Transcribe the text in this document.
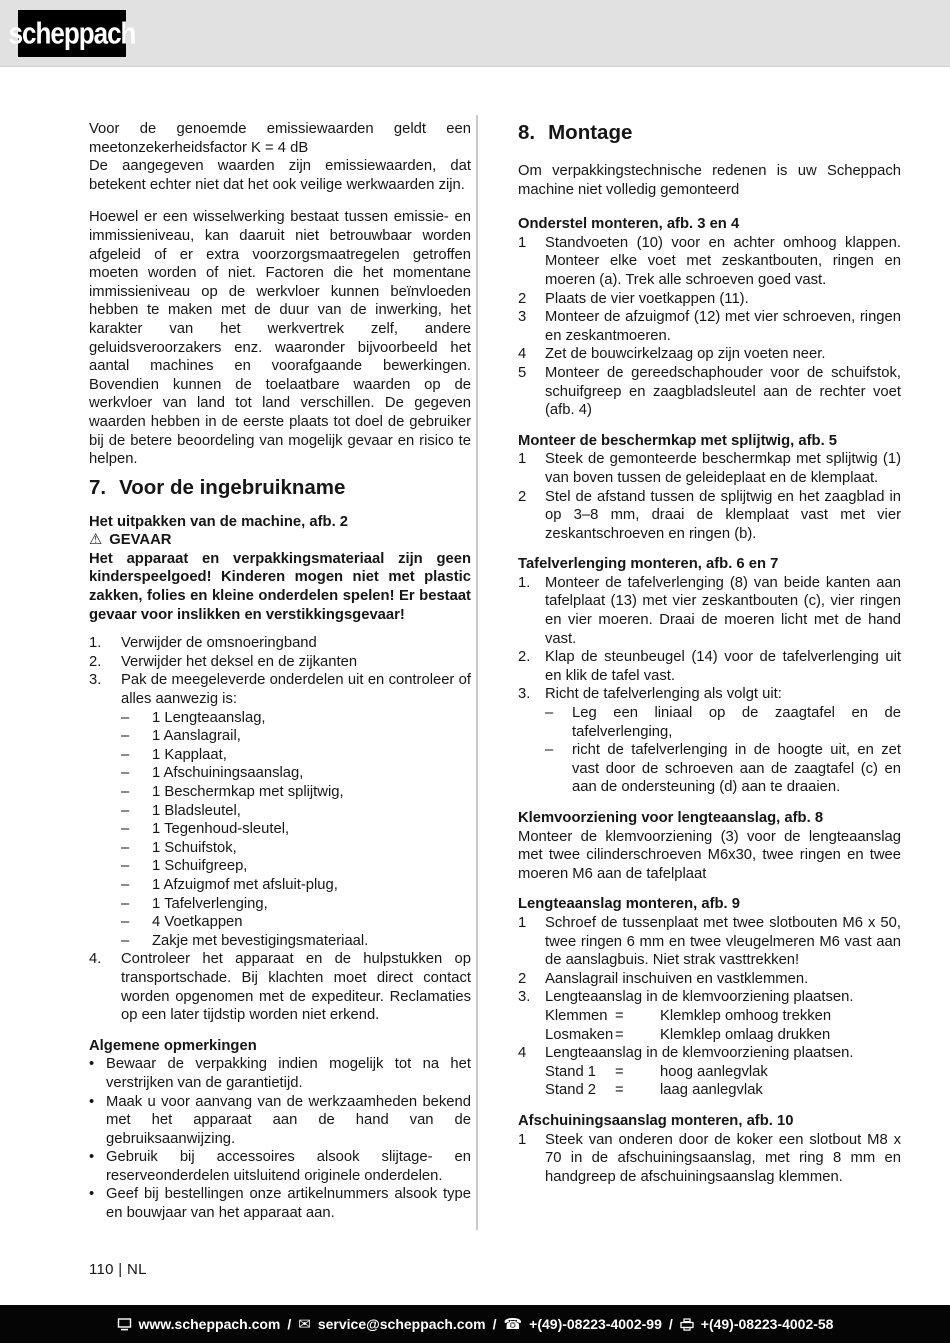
scheppach
Voor de genoemde emissiewaarden geldt een meetonzekerheidsfactor K = 4 dB
De aangegeven waarden zijn emissiewaarden, dat betekent echter niet dat het ook veilige werkwaarden zijn.
Hoewel er een wisselwerking bestaat tussen emissie- en immissieniveau, kan daaruit niet betrouwbaar worden afgeleid of er extra voorzorgsmaatregelen getroffen moeten worden of niet. Factoren die het momentane immissieniveau op de werkvloer kunnen beïnvloeden hebben te maken met de duur van de inwerking, het karakter van het werkvertrek zelf, andere geluidsveroorzakers enz. waaronder bijvoorbeeld het aantal machines en voorafgaande bewerkingen. Bovendien kunnen de toelaatbare waarden op de werkvloer van land tot land verschillen. De gegeven waarden hebben in de eerste plaats tot doel de gebruiker bij de betere beoordeling van mogelijk gevaar en risico te helpen.
7. Voor de ingebruikname
Het uitpakken van de machine, afb. 2
⚠ GEVAAR
Het apparaat en verpakkingsmateriaal zijn geen kinderspeelgoed! Kinderen mogen niet met plastic zakken, folies en kleine onderdelen spelen! Er bestaat gevaar voor inslikken en verstikkingsgevaar!
1.	Verwijder de omsnoeringband
2.	Verwijder het deksel en de zijkanten
3.	Pak de meegeleverde onderdelen uit en controleer of alles aanwezig is:
–	1 Lengteaanslag,
–	1 Aanslagrail,
–	1 Kapplaat,
–	1 Afschuiningsaanslag,
–	1 Beschermkap met splijtwig,
–	1 Bladsleutel,
–	1 Tegenhoud-sleutel,
–	1 Schuifstok,
–	1 Schuifgreep,
–	1 Afzuigmof met afsluit-plug,
–	1 Tafelverlenging,
–	4 Voetkappen
–	Zakje met bevestigingsmateriaal.
4.	Controleer het apparaat en de hulpstukken op transportschade. Bij klachten moet direct contact worden opgenomen met de expediteur. Reclamaties op een later tijdstip worden niet erkend.
Algemene opmerkingen
• Bewaar de verpakking indien mogelijk tot na het verstrijken van de garantietijd.
• Maak u voor aanvang van de werkzaamheden bekend met het apparaat aan de hand van de gebruiksaanwijzing.
• Gebruik bij accessoires alsook slijtage- en reserveonderdelen uitsluitend originele onderdelen.
• Geef bij bestellingen onze artikelnummers alsook type en bouwjaar van het apparaat aan.
8. Montage
Om verpakkingstechnische redenen is uw Scheppach machine niet volledig gemonteerd
Onderstel monteren, afb. 3 en 4
1	Standvoeten (10) voor en achter omhoog klappen. Monteer elke voet met zeskantbouten, ringen en moeren (a). Trek alle schroeven goed vast.
2	Plaats de vier voetkappen (11).
3	Monteer de afzuigmof (12) met vier schroeven, ringen en zeskantmoeren.
4	Zet de bouwcirkelzaag op zijn voeten neer.
5	Monteer de gereedschaphouder voor de schuifstok, schuifgreep en zaagbladsleutel aan de rechter voet (afb. 4)
Monteer de beschermkap met splijtwig, afb. 5
1	Steek de gemonteerde beschermkap met splijtwig (1) van boven tussen de geleideplaat en de klemplaat.
2	Stel de afstand tussen de splijtwig en het zaagblad in op 3–8 mm, draai de klemplaat vast met vier zeskantschroeven en ringen (b).
Tafelverlenging monteren, afb. 6 en 7
1. Monteer de tafelverlenging (8) van beide kanten aan tafelplaat (13) met vier zeskantbouten (c), vier ringen en vier moeren. Draai de moeren licht met de hand vast.
2. Klap de steunbeugel (14) voor de tafelverlenging uit en klik de tafel vast.
3. Richt de tafelverlenging als volgt uit:
–	Leg een liniaal op de zaagtafel en de tafelverlenging,
–	richt de tafelverlenging in de hoogte uit, en zet vast door de schroeven aan de zaagtafel (c) en aan de ondersteuning (d) aan te draaien.
Klemvoorziening voor lengteaanslag, afb. 8
Monteer de klemvoorziening (3) voor de lengteaanslag met twee cilinderschroeven M6x30, twee ringen en twee moeren M6 aan de tafelplaat
Lengteaanslag monteren, afb. 9
1	Schroef de tussenplaat met twee slotbouten M6 x 50, twee ringen 6 mm en twee vleugelmeren M6 vast aan de aanslagbuis. Niet strak vasttrekken!
2	Aanslagrail inschuiven en vastklemmen.
3. Lengteaanslag in de klemvoorziening plaatsen.
Klemmen =	Klemklep omhoog trekken
Losmaken =	Klemklep omlaag drukken
4	Lengteaanslag in de klemvoorziening plaatsen.
Stand 1	=	hoog aanlegvlak
Stand 2	=	laag aanlegvlak
Afschuiningsaanslag monteren, afb. 10
1	Steek van onderen door de koker een slotbout M8 x 70 in de afschuiningsaanslag, met ring 8 mm en handgreep de afschuiningsaanslag klemmen.
110 | NL
www.scheppach.com / ✉ service@scheppach.com / ☎ +(49)-08223-4002-99 / +(49)-08223-4002-58
